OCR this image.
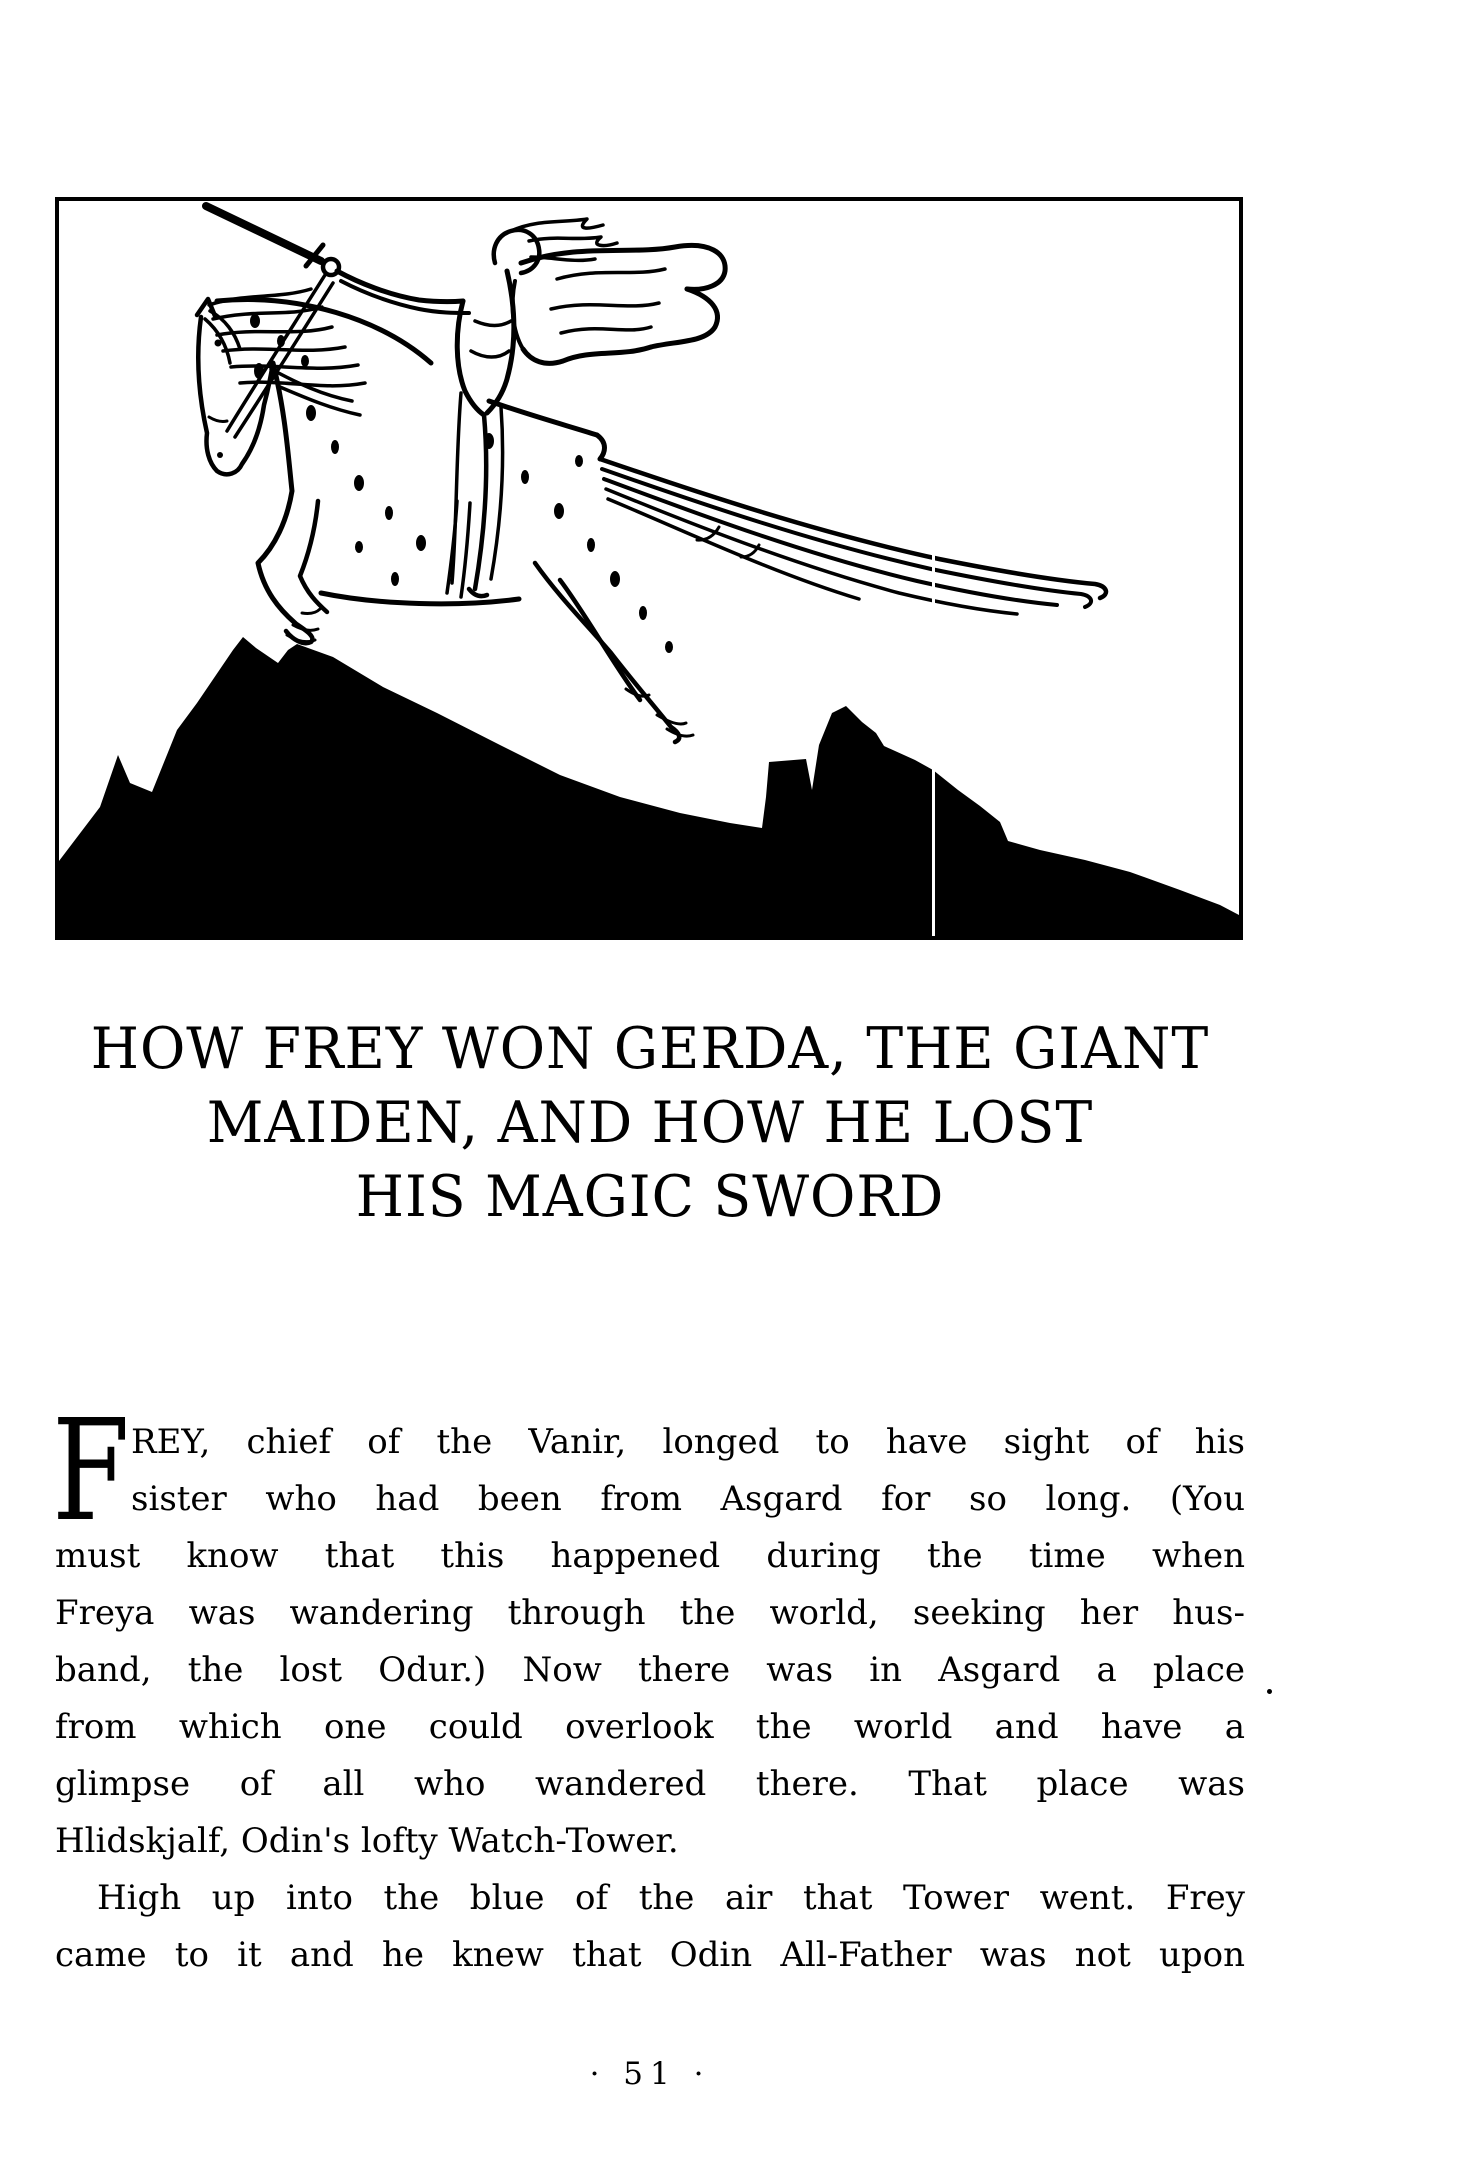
HOW FREY WON GERDA, THE GIANT
MAIDEN, AND HOW HE LOST
HIS MAGIC SWORD
F REY, chief of the Vanir, longed to have sight of his
sister who had been from Asgard for so long. (You
must know that this happened during the time when
Freya was wandering through the world, seeking her hus-
band, the lost Odur.) Now there was in Asgard a place
from which one could overlook the world and have a
glimpse of all who wandered there. That place was
Hlidskjalf, Odin's lofty Watch-Tower.
High up into the blue of the air that Tower went. Frey
came to it and he knew that Odin All-Father was not upon
· 51 ·
